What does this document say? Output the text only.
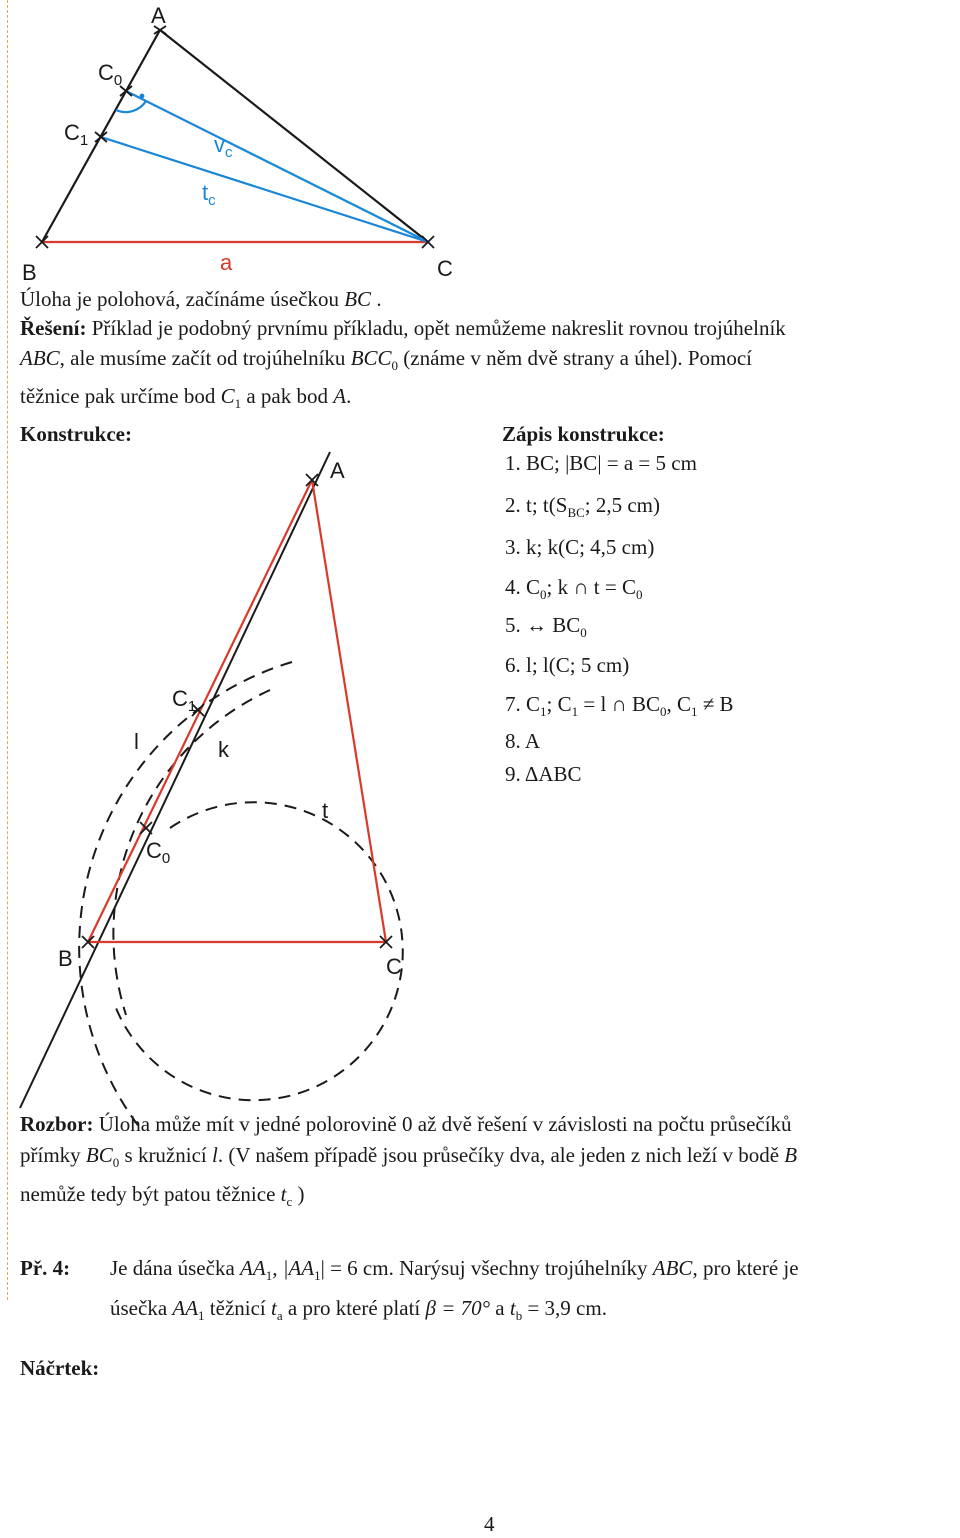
A
B	C
$C_0$
$C_1$	$v_c$
$t_c$
a
Úloha je polohová, začínáme úsečkou BC .
Řešení: Příklad je podobný prvnímu příkladu, opět nemůžeme nakreslit rovnou trojúhelník
ABC, ale musíme začít od trojúhelníku $BCC_0$ (známe v něm dvě strany a úhel). Pomocí
těžnice pak určíme bod $C_1$ a pak bod A.
Konstrukce:	Zápis konstrukce:
1. BC; |BC| = a = 5 cm
2. t; $t(S_{BC}$; 2,5 cm)
3. k; k(C; 4,5 cm)
4. $C_0$; k ∩ $t = C_0$
5. ↔ $BC_0$
6. l; l(C; 5 cm)
7. $C_1$; $C_1 = l$ ∩ $BC_0$, $C_1 \ne B$
8. A
9. ΔABC
A
B	C
$C_1$
$C_0$
l	k
t
Rozbor: Úloha může mít v jedné polorovině 0 až dvě řešení v závislosti na počtu průsečíků
přímky $BC_0$ s kružnicí l. (V našem případě jsou průsečíky dva, ale jeden z nich leží v bodě B
nemůže tedy být patou těžnice $t_c$ )
Př. 4: Je dána úsečka $AA_1$, $|AA_1| = 6$ cm. Narýsuj všechny trojúhelníky ABC, pro které je
úsečka $AA_1$ těžnicí $t_a$ a pro které platí β = 70° a $t_b = 3,9$ cm.
Náčrtek:
4
